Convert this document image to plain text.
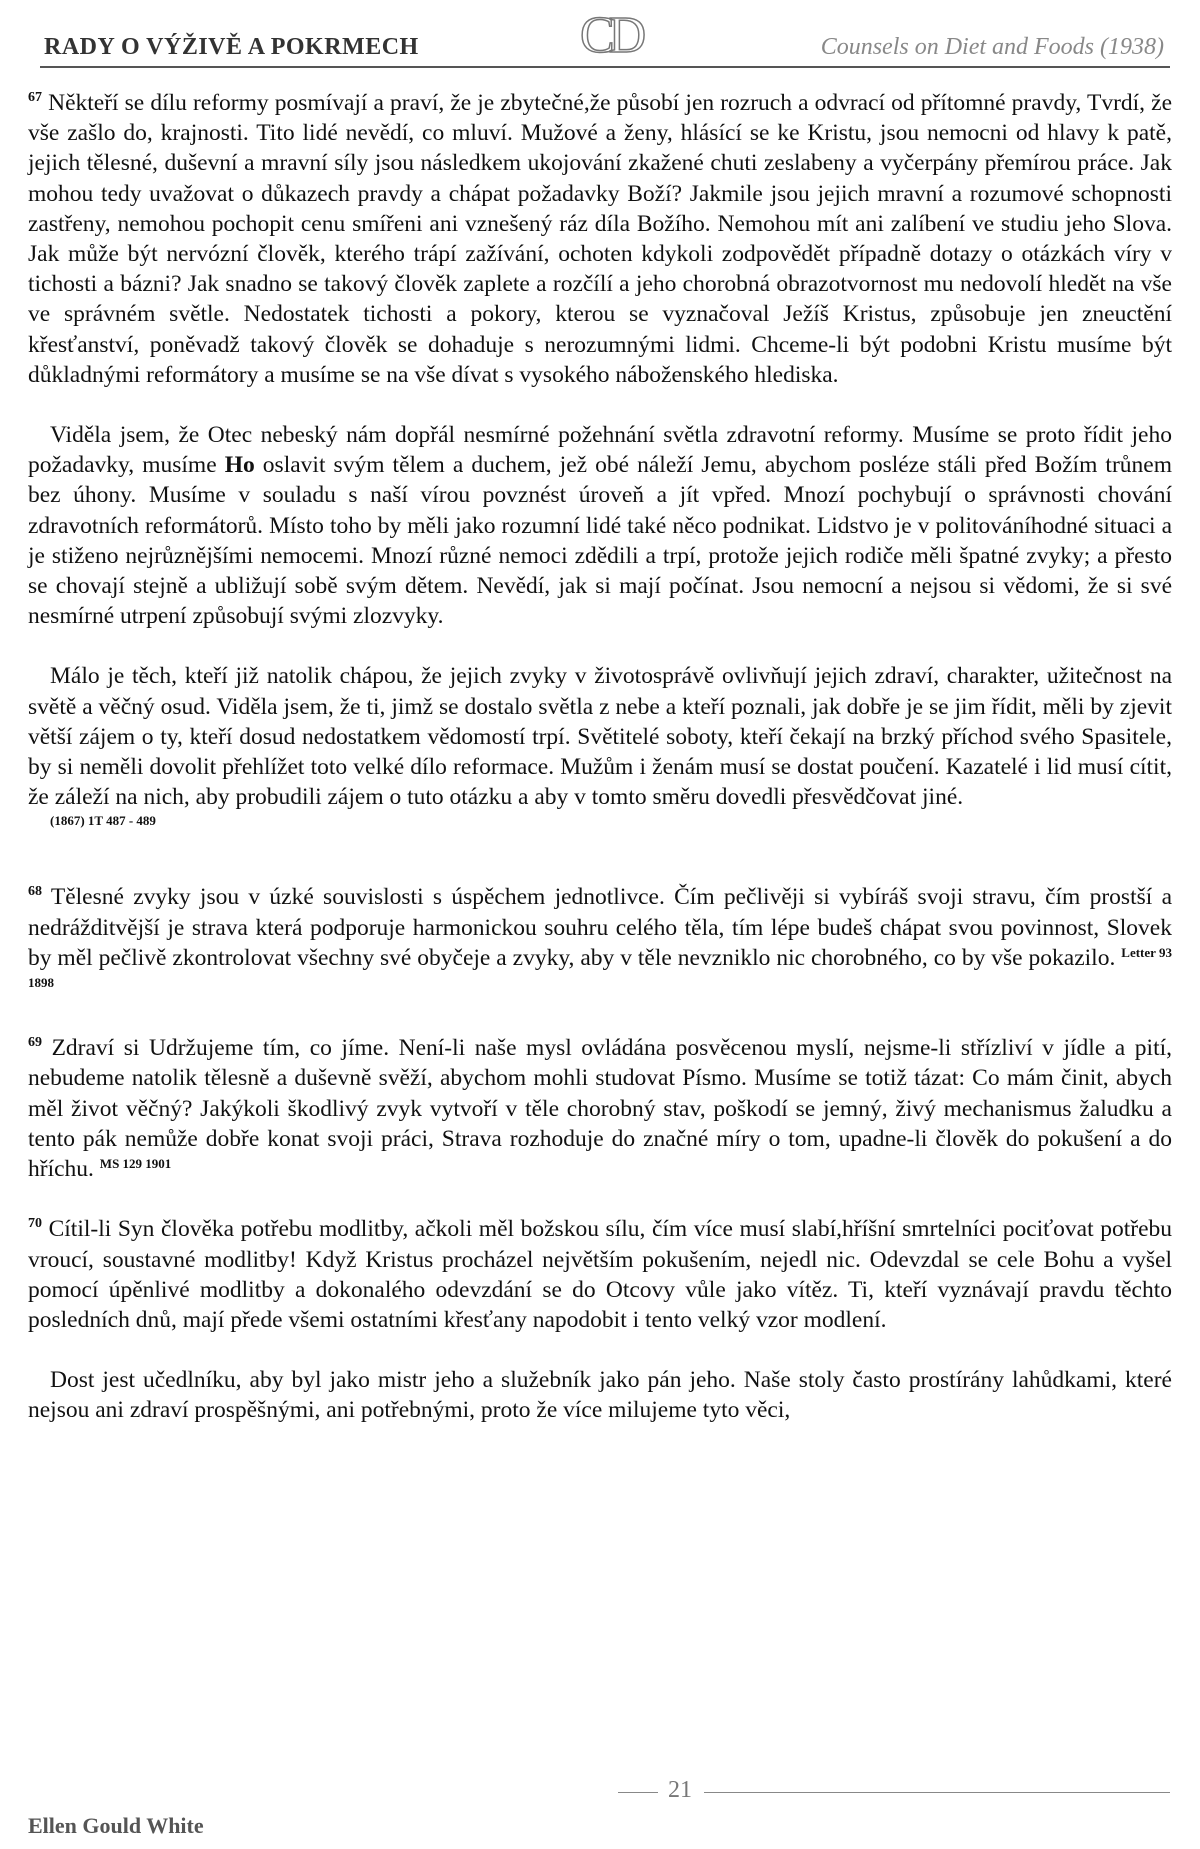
RADY O VÝŽIVĚ A POKRMECH	CD	Counsels on Diet and Foods (1938)

$^{67}$ Někteří se dílu reformy posmívají a praví, že je zbytečné,že působí jen rozruch a odvrací od přítomné pravdy, Tvrdí, že vše zašlo do, krajnosti. Tito lidé nevědí, co mluví. Mužové a ženy, hlásící se ke Kristu, jsou nemocni od hlavy k patě, jejich tělesné, duševní a mravní síly jsou následkem ukojování zkažené chuti zeslabeny a vyčerpány přemírou práce. Jak mohou tedy uvažovat o důkazech pravdy a chápat požadavky Boží? Jakmile jsou jejich mravní a rozumové schopnosti zastřeny, nemohou pochopit cenu smířeni ani vznešený ráz díla Božího. Nemohou mít ani zalíbení ve studiu jeho Slova. Jak může být nervózní člověk, kterého trápí zažívání, ochoten kdykoli zodpovědět případně dotazy o otázkách víry v tichosti a bázni? Jak snadno se takový člověk zaplete a rozčílí a jeho chorobná obrazotvornost mu nedovolí hledět na vše ve správném světle. Nedostatek tichosti a pokory, kterou se vyznačoval Ježíš Kristus, způsobuje jen zneuctění křesťanství, poněvadž takový člověk se dohaduje s nerozumnými lidmi. Chceme-li být podobni Kristu musíme být důkladnými reformátory a musíme se na vše dívat s vysokého náboženského hlediska.

Viděla jsem, že Otec nebeský nám dopřál nesmírné požehnání světla zdravotní reformy. Musíme se proto řídit jeho požadavky, musíme Ho oslavit svým tělem a duchem, jež obé náleží Jemu, abychom posléze stáli před Božím trůnem bez úhony. Musíme v souladu s naší vírou povznést úroveň a jít vpřed. Mnozí pochybují o správnosti chování zdravotních reformátorů. Místo toho by měli jako rozumní lidé také něco podnikat. Lidstvo je v politováníhodné situaci a je stiženo nejrůznějšími nemocemi. Mnozí různé nemoci zdědili a trpí, protože jejich rodiče měli špatné zvyky; a přesto se chovají stejně a ubližují sobě svým dětem. Nevědí, jak si mají počínat. Jsou nemocní a nejsou si vědomi, že si své nesmírné utrpení způsobují svými zlozvyky.

Málo je těch, kteří již natolik chápou, že jejich zvyky v životosprávě ovlivňují jejich zdraví, charakter, užitečnost na světě a věčný osud. Viděla jsem, že ti, jimž se dostalo světla z nebe a kteří poznali, jak dobře je se jim řídit, měli by zjevit větší zájem o ty, kteří dosud nedostatkem vědomostí trpí. Světitelé soboty, kteří čekají na brzký příchod svého Spasitele, by si neměli dovolit přehlížet toto velké dílo reformace. Mužům i ženám musí se dostat poučení. Kazatelé i lid musí cítit, že záleží na nich, aby probudili zájem o tuto otázku a aby v tomto směru dovedli přesvědčovat jiné.
(1867) 1T 487 - 489

$^{68}$ Tělesné zvyky jsou v úzké souvislosti s úspěchem jednotlivce. Čím pečlivěji si vybíráš svoji stravu, čím prostší a nedrážditvější je strava která podporuje harmonickou souhru celého těla, tím lépe budeš chápat svou povinnost, Slovek by měl pečlivě zkontrolovat všechny své obyčeje a zvyky, aby v těle nevzniklo nic chorobného, co by vše pokazilo. $^{Letter 93 1898}$

$^{69}$ Zdraví si Udržujeme tím, co jíme. Není-li naše mysl ovládána posvěcenou myslí, nejsme-li střízliví v jídle a pití, nebudeme natolik tělesně a duševně svěží, abychom mohli studovat Písmo. Musíme se totiž tázat: Co mám činit, abych měl život věčný? Jakýkoli škodlivý zvyk vytvoří v těle chorobný stav, poškodí se jemný, živý mechanismus žaludku a tento pák nemůže dobře konat svoji práci, Strava rozhoduje do značné míry o tom, upadne-li člověk do pokušení a do hříchu. $^{MS 129 1901}$

$^{70}$ Cítil-li Syn člověka potřebu modlitby, ačkoli měl božskou sílu, čím více musí slabí,hříšní smrtelníci pociťovat potřebu vroucí, soustavné modlitby! Když Kristus procházel největším pokušením, nejedl nic. Odevzdal se cele Bohu a vyšel pomocí úpěnlivé modlitby a dokonalého odevzdání se do Otcovy vůle jako vítěz. Ti, kteří vyznávají pravdu těchto posledních dnů, mají přede všemi ostatními křesťany napodobit i tento velký vzor modlení.

Dost jest učedlníku, aby byl jako mistr jeho a služebník jako pán jeho. Naše stoly často prostírány lahůdkami, které nejsou ani zdraví prospěšnými, ani potřebnými, proto že více milujeme tyto věci,

21
Ellen Gould White
